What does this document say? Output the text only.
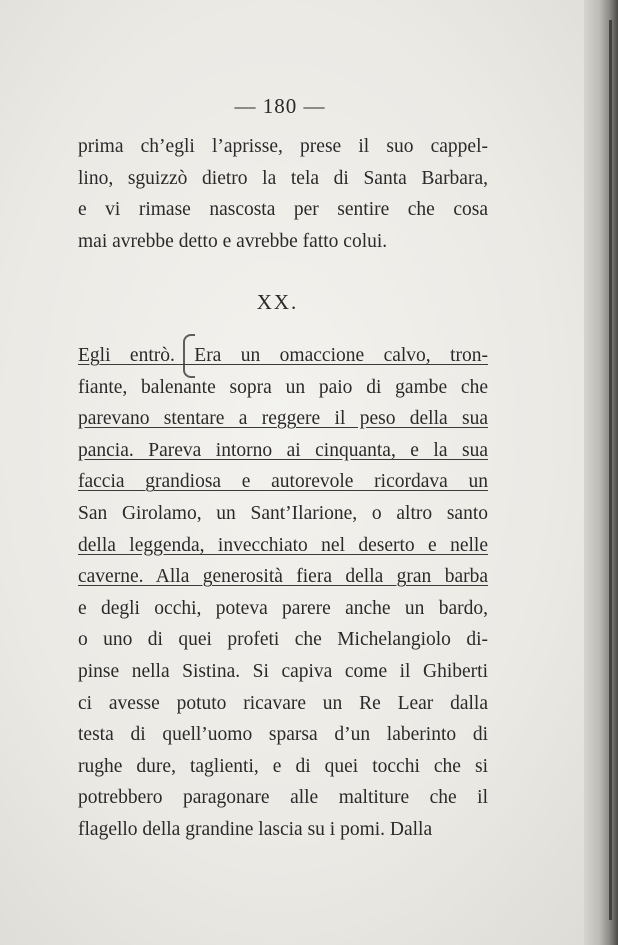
— 180 —
prima ch’egli l’aprisse, prese il suo cappel-
lino, sguizzò dietro la tela di Santa Barbara,
e vi rimase nascosta per sentire che cosa
mai avrebbe detto e avrebbe fatto colui.
XX.
Egli entrò. Era un omaccione calvo, tron-
fiante, balenante sopra un paio di gambe che
parevano stentare a reggere il peso della sua
pancia. Pareva intorno ai cinquanta, e la sua
faccia grandiosa e autorevole ricordava un
San Girolamo, un Sant’Ilarione, o altro santo
della leggenda, invecchiato nel deserto e nelle
caverne. Alla generosità fiera della gran barba
e degli occhi, poteva parere anche un bardo,
o uno di quei profeti che Michelangiolo di-
pinse nella Sistina. Si capiva come il Ghiberti
ci avesse potuto ricavare un Re Lear dalla
testa di quell’uomo sparsa d’un laberinto di
rughe dure, taglienti, e di quei tocchi che si
potrebbero paragonare alle maltiture che il
flagello della grandine lascia su i pomi. Dalla
